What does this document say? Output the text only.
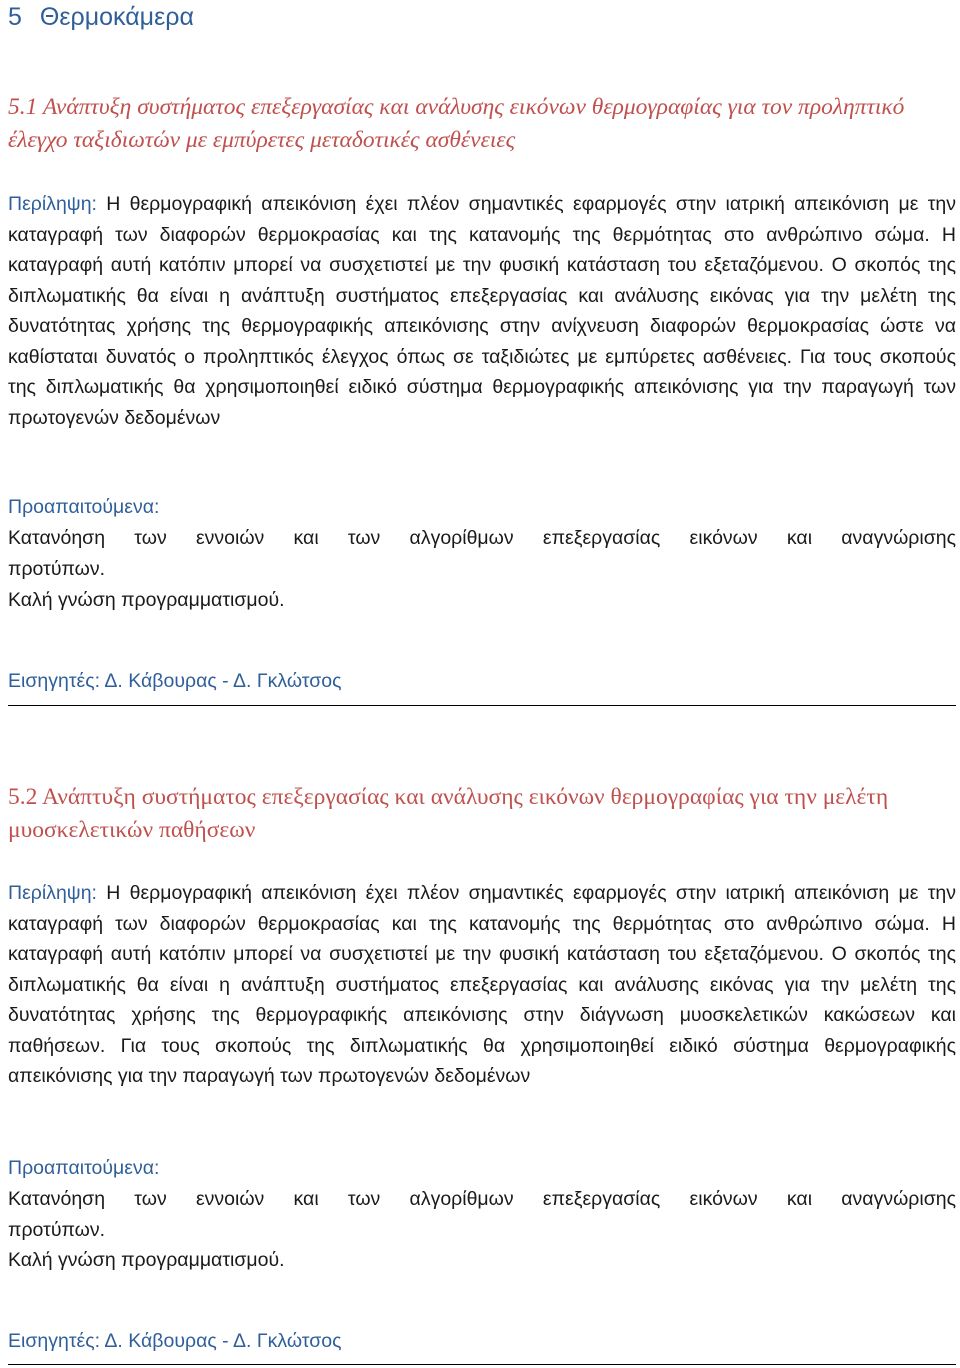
5 Θερμοκάμερα
5.1 Ανάπτυξη συστήματος επεξεργασίας και ανάλυσης εικόνων θερμογραφίας για τον προληπτικό έλεγχο ταξιδιωτών με εμπύρετες μεταδοτικές ασθένειες

Περίληψη: Η θερμογραφική απεικόνιση έχει πλέον σημαντικές εφαρμογές στην ιατρική απεικόνιση με την καταγραφή των διαφορών θερμοκρασίας και της κατανομής της θερμότητας στο ανθρώπινο σώμα. Η καταγραφή αυτή κατόπιν μπορεί να συσχετιστεί με την φυσική κατάσταση του εξεταζόμενου. Ο σκοπός της διπλωματικής θα είναι η ανάπτυξη συστήματος επεξεργασίας και ανάλυσης εικόνας για την μελέτη της δυνατότητας χρήσης της θερμογραφικής απεικόνισης στην ανίχνευση διαφορών θερμοκρασίας ώστε να καθίσταται δυνατός ο προληπτικός έλεγχος όπως σε ταξιδιώτες με εμπύρετες ασθένειες. Για τους σκοπούς της διπλωματικής θα χρησιμοποιηθεί ειδικό σύστημα θερμογραφικής απεικόνισης για την παραγωγή των πρωτογενών δεδομένων

Προαπαιτούμενα:
Κατανόηση των εννοιών και των αλγορίθμων επεξεργασίας εικόνων και αναγνώρισης
προτύπων.
Καλή γνώση προγραμματισμού.
Εισηγητές: Δ. Κάβουρας - Δ. Γκλώτσος
5.2 Ανάπτυξη συστήματος επεξεργασίας και ανάλυσης εικόνων θερμογραφίας για την μελέτη μυοσκελετικών παθήσεων

Περίληψη: Η θερμογραφική απεικόνιση έχει πλέον σημαντικές εφαρμογές στην ιατρική απεικόνιση με την καταγραφή των διαφορών θερμοκρασίας και της κατανομής της θερμότητας στο ανθρώπινο σώμα. Η καταγραφή αυτή κατόπιν μπορεί να συσχετιστεί με την φυσική κατάσταση του εξεταζόμενου. Ο σκοπός της διπλωματικής θα είναι η ανάπτυξη συστήματος επεξεργασίας και ανάλυσης εικόνας για την μελέτη της δυνατότητας χρήσης της θερμογραφικής απεικόνισης στην διάγνωση μυοσκελετικών κακώσεων και παθήσεων. Για τους σκοπούς της διπλωματικής θα χρησιμοποιηθεί ειδικό σύστημα θερμογραφικής απεικόνισης για την παραγωγή των πρωτογενών δεδομένων

Προαπαιτούμενα:
Κατανόηση των εννοιών και των αλγορίθμων επεξεργασίας εικόνων και αναγνώρισης
προτύπων.
Καλή γνώση προγραμματισμού.
Εισηγητές: Δ. Κάβουρας - Δ. Γκλώτσος
